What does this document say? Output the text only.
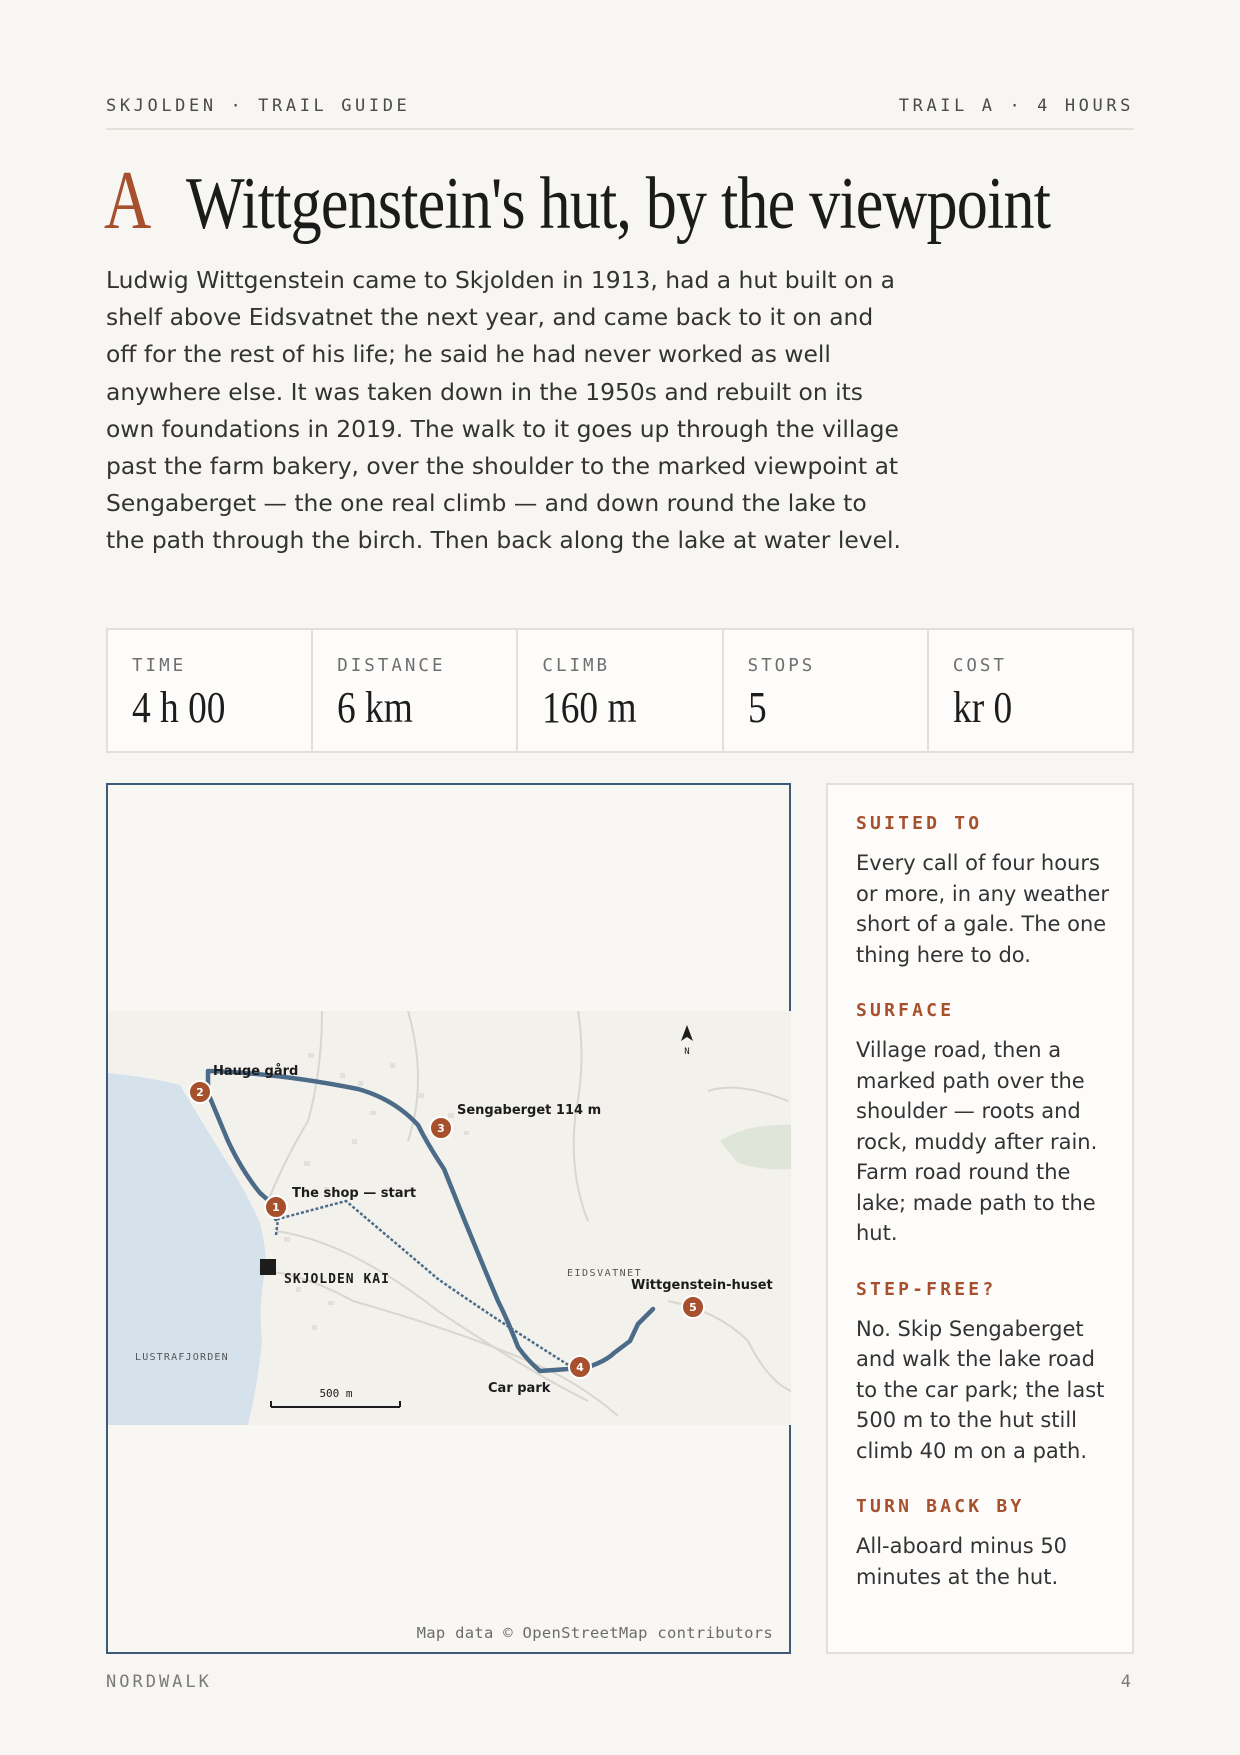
SKJOLDEN · TRAIL GUIDE	TRAIL A · 4 HOURS
A Wittgenstein's hut, by the viewpoint

Ludwig Wittgenstein came to Skjolden in 1913, had a hut built on a shelf above Eidsvatnet the next year, and came back to it on and off for the rest of his life; he said he had never worked as well anywhere else. It was taken down in the 1950s and rebuilt on its own foundations in 2019. The walk to it goes up through the village past the farm bakery, over the shoulder to the marked viewpoint at Sengaberget — the one real climb — and down round the lake to the path through the birch. Then back along the lake at water level.

TIME
4 h 00
DISTANCE
6 km
CLIMB
160 m
STOPS
5
COST
kr 0
N
1
2
3
4
5
The shop — start
Hauge gård
Sengaberget 114 m
Car park
Wittgenstein-huset
SKJOLDEN KAI	EIDSVATNET
LUSTRAFJORDEN
500 m
Map data © OpenStreetMap contributors
SUITED TO
Every call of four hours or more, in any weather short of a gale. The one thing here to do.
SURFACE
Village road, then a marked path over the shoulder — roots and rock, muddy after rain. Farm road round the lake; made path to the hut.
STEP-FREE?
No. Skip Sengaberget and walk the lake road to the car park; the last 500 m to the hut still climb 40 m on a path.
TURN BACK BY
All-aboard minus 50 minutes at the hut.
NORDWALK	4
